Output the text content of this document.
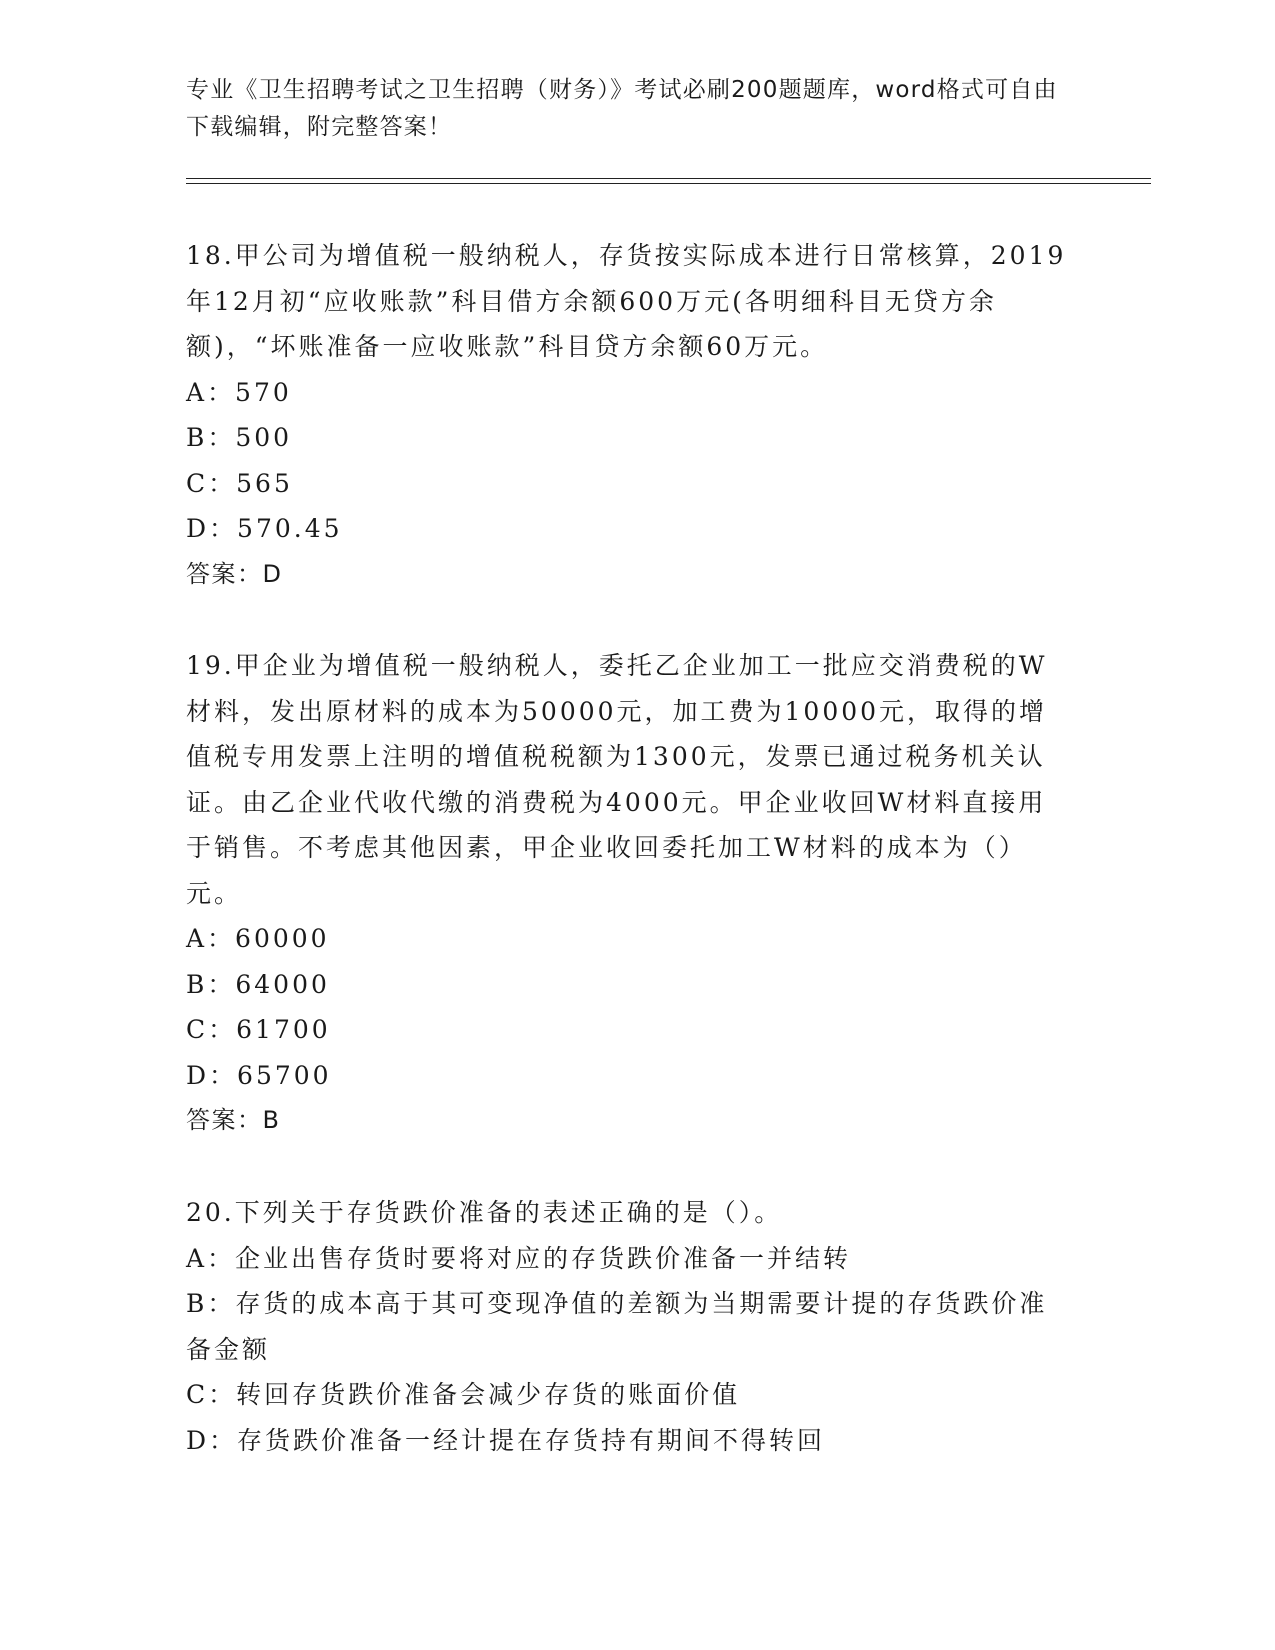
专业《卫生招聘考试之卫生招聘（财务）》考试必刷200题题库，word格式可自由下载编辑，附完整答案！

18.甲公司为增值税一般纳税人，存货按实际成本进行日常核算，2019年12月初“应收账款”科目借方余额600万元(各明细科目无贷方余额)，“坏账准备一应收账款”科目贷方余额60万元。

A：570

B：500

C：565

D：570.45

答案：D

19.甲企业为增值税一般纳税人，委托乙企业加工一批应交消费税的W材料，发出原材料的成本为50000元，加工费为10000元，取得的增值税专用发票上注明的增值税税额为1300元，发票已通过税务机关认证。由乙企业代收代缴的消费税为4000元。甲企业收回W材料直接用于销售。不考虑其他因素，甲企业收回委托加工W材料的成本为（）元。

A：60000

B：64000

C：61700

D：65700

答案：B

20.下列关于存货跌价准备的表述正确的是（）。

A：企业出售存货时要将对应的存货跌价准备一并结转

B：存货的成本高于其可变现净值的差额为当期需要计提的存货跌价准备金额

C：转回存货跌价准备会减少存货的账面价值

D：存货跌价准备一经计提在存货持有期间不得转回
